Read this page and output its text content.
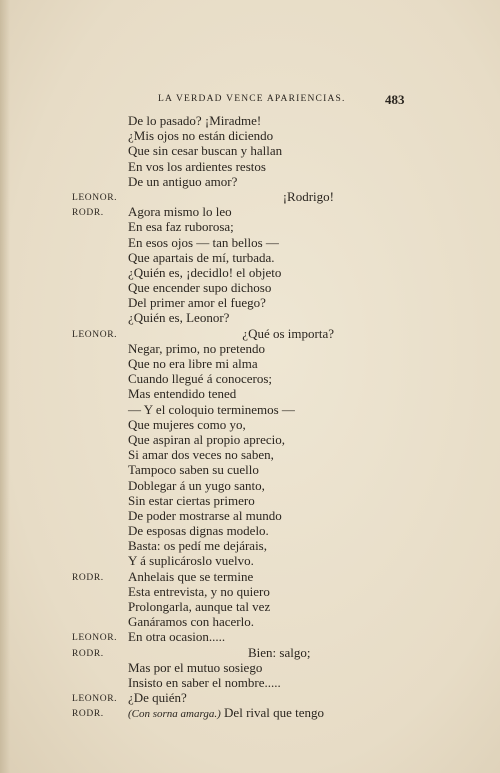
LA VERDAD VENCE APARIENCIAS.	483
De lo pasado? ¡Miradme!
¿Mis ojos no están diciendo
Que sin cesar buscan y hallan
En vos los ardientes restos
De un antiguo amor?
LEONOR.	¡Rodrigo!
RODR. Agora mismo lo leo
En esa faz ruborosa;
En esos ojos — tan bellos —
Que apartais de mí, turbada.
¿Quién es, ¡decidlo! el objeto
Que encender supo dichoso
Del primer amor el fuego?
¿Quién es, Leonor?
LEONOR.	¿Qué os importa?
Negar, primo, no pretendo
Que no era libre mi alma
Cuando llegué á conoceros;
Mas entendido tened
— Y el coloquio terminemos —
Que mujeres como yo,
Que aspiran al propio aprecio,
Si amar dos veces no saben,
Tampoco saben su cuello
Doblegar á un yugo santo,
Sin estar ciertas primero
De poder mostrarse al mundo
De esposas dignas modelo.
Basta: os pedí me dejárais,
Y á suplicároslo vuelvo.
RODR. Anhelais que se termine
Esta entrevista, y no quiero
Prolongarla, aunque tal vez
Ganáramos con hacerlo.
LEONOR. En otra ocasion.....
RODR.	Bien: salgo;
Mas por el mutuo sosiego
Insisto en saber el nombre.....
LEONOR. ¿De quién?
RODR. (Con sorna amarga.) Del rival que tengo
